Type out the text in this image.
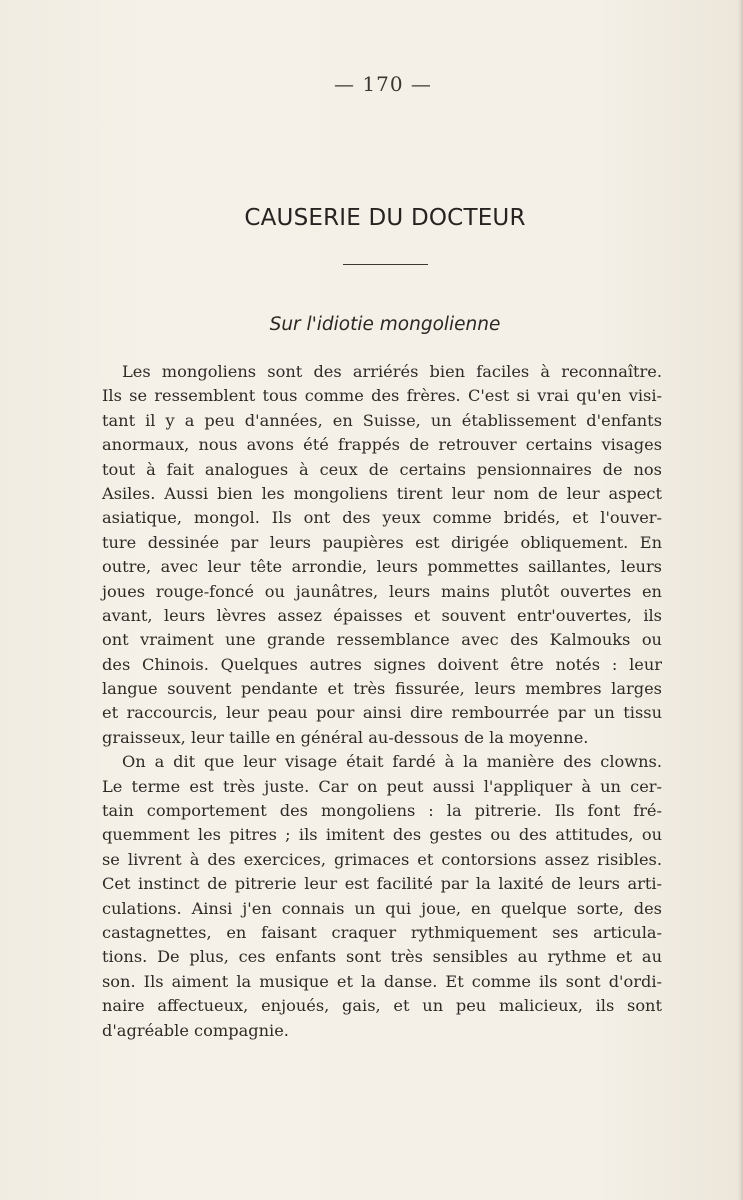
— 170 —
CAUSERIE DU DOCTEUR
Sur l'idiotie mongolienne
Les mongoliens sont des arriérés bien faciles à reconnaître.
Ils se ressemblent tous comme des frères. C'est si vrai qu'en visi-
tant il y a peu d'années, en Suisse, un établissement d'enfants
anormaux, nous avons été frappés de retrouver certains visages
tout à fait analogues à ceux de certains pensionnaires de nos
Asiles. Aussi bien les mongoliens tirent leur nom de leur aspect
asiatique, mongol. Ils ont des yeux comme bridés, et l'ouver-
ture dessinée par leurs paupières est dirigée obliquement. En
outre, avec leur tête arrondie, leurs pommettes saillantes, leurs
joues rouge-foncé ou jaunâtres, leurs mains plutôt ouvertes en
avant, leurs lèvres assez épaisses et souvent entr'ouvertes, ils
ont vraiment une grande ressemblance avec des Kalmouks ou
des Chinois. Quelques autres signes doivent être notés : leur
langue souvent pendante et très fissurée, leurs membres larges
et raccourcis, leur peau pour ainsi dire rembourrée par un tissu
graisseux, leur taille en général au-dessous de la moyenne.
On a dit que leur visage était fardé à la manière des clowns.
Le terme est très juste. Car on peut aussi l'appliquer à un cer-
tain comportement des mongoliens : la pitrerie. Ils font fré-
quemment les pitres ; ils imitent des gestes ou des attitudes, ou
se livrent à des exercices, grimaces et contorsions assez risibles.
Cet instinct de pitrerie leur est facilité par la laxité de leurs arti-
culations. Ainsi j'en connais un qui joue, en quelque sorte, des
castagnettes, en faisant craquer rythmiquement ses articula-
tions. De plus, ces enfants sont très sensibles au rythme et au
son. Ils aiment la musique et la danse. Et comme ils sont d'ordi-
naire affectueux, enjoués, gais, et un peu malicieux, ils sont
d'agréable compagnie.
